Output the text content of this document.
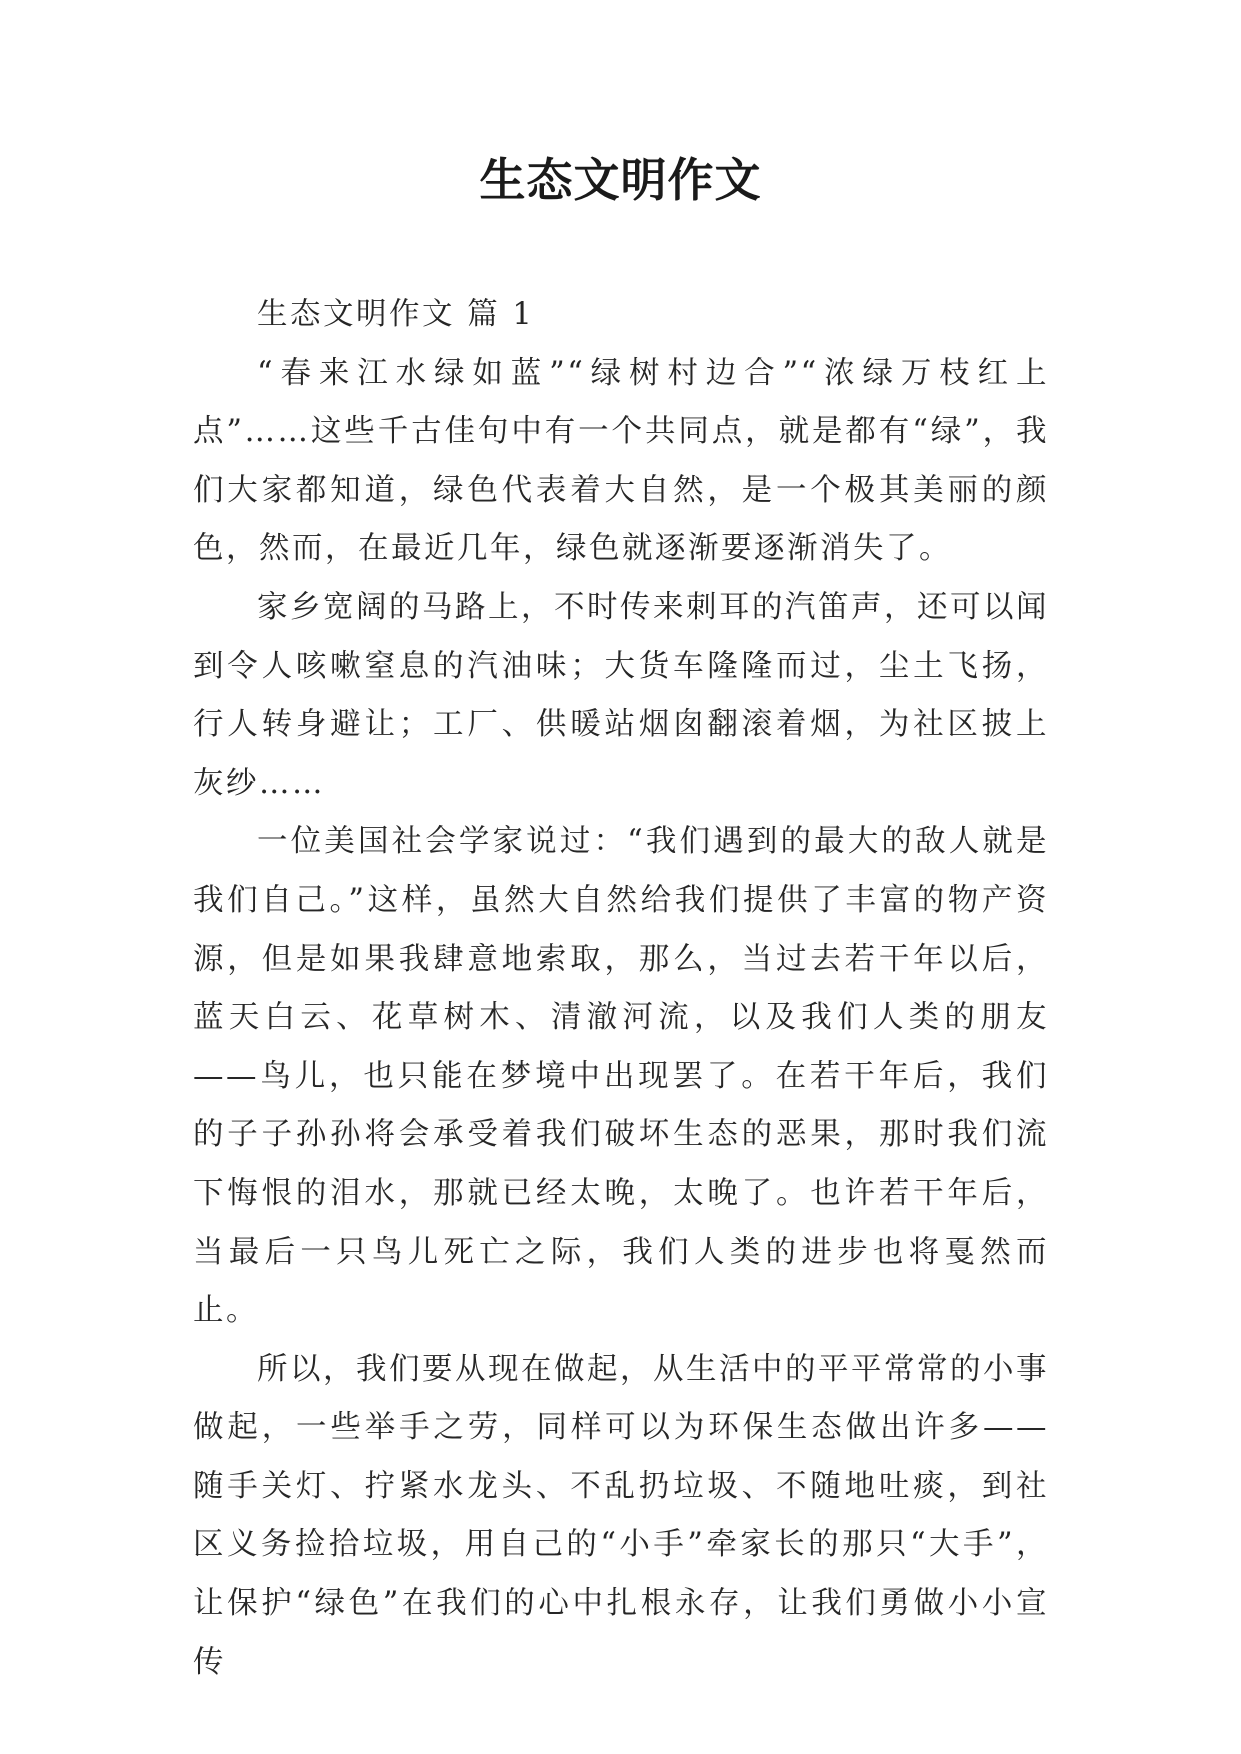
生态文明作文

生态文明作文 篇 1

“春来江水绿如蓝”“绿树村边合”“浓绿万枝红上点”……这些千古佳句中有一个共同点，就是都有“绿”，我们大家都知道，绿色代表着大自然，是一个极其美丽的颜色，然而，在最近几年，绿色就逐渐要逐渐消失了。

家乡宽阔的马路上，不时传来刺耳的汽笛声，还可以闻到令人咳嗽窒息的汽油味；大货车隆隆而过，尘土飞扬，行人转身避让；工厂、供暖站烟囱翻滚着烟，为社区披上灰纱……

一位美国社会学家说过：“我们遇到的最大的敌人就是我们自己。”这样，虽然大自然给我们提供了丰富的物产资源，但是如果我肆意地索取，那么，当过去若干年以后，蓝天白云、花草树木、清澈河流，以及我们人类的朋友——鸟儿，也只能在梦境中出现罢了。在若干年后，我们的子子孙孙将会承受着我们破坏生态的恶果，那时我们流下悔恨的泪水，那就已经太晚，太晚了。也许若干年后，当最后一只鸟儿死亡之际，我们人类的进步也将戛然而止。

所以，我们要从现在做起，从生活中的平平常常的小事做起，一些举手之劳，同样可以为环保生态做出许多——随手关灯、拧紧水龙头、不乱扔垃圾、不随地吐痰，到社区义务捡拾垃圾，用自己的“小手”牵家长的那只“大手”，让保护“绿色”在我们的心中扎根永存，让我们勇做小小宣传
